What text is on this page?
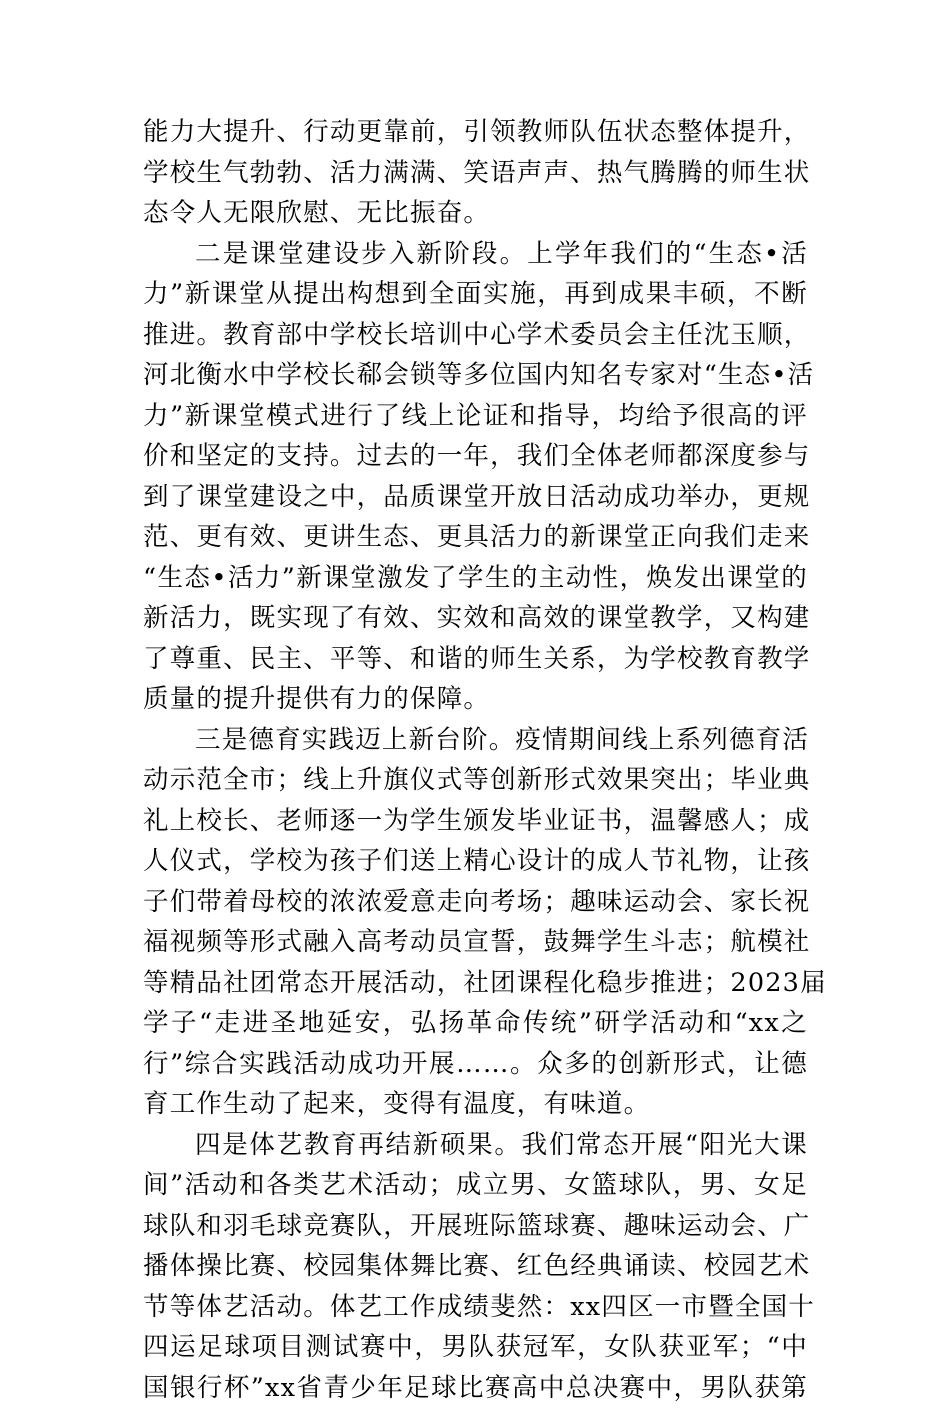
能力大提升、行动更靠前，引领教师队伍状态整体提升，
学校生气勃勃、活力满满、笑语声声、热气腾腾的师生状
态令人无限欣慰、无比振奋。
二是课堂建设步入新阶段。上学年我们的“生态•活
力”新课堂从提出构想到全面实施，再到成果丰硕，不断
推进。教育部中学校长培训中心学术委员会主任沈玉顺，
河北衡水中学校长郗会锁等多位国内知名专家对“生态•活
力”新课堂模式进行了线上论证和指导，均给予很高的评
价和坚定的支持。过去的一年，我们全体老师都深度参与
到了课堂建设之中，品质课堂开放日活动成功举办，更规
范、更有效、更讲生态、更具活力的新课堂正向我们走来
“生态•活力”新课堂激发了学生的主动性，焕发出课堂的
新活力，既实现了有效、实效和高效的课堂教学，又构建
了尊重、民主、平等、和谐的师生关系，为学校教育教学
质量的提升提供有力的保障。
三是德育实践迈上新台阶。疫情期间线上系列德育活
动示范全市；线上升旗仪式等创新形式效果突出；毕业典
礼上校长、老师逐一为学生颁发毕业证书，温馨感人；成
人仪式，学校为孩子们送上精心设计的成人节礼物，让孩
子们带着母校的浓浓爱意走向考场；趣味运动会、家长祝
福视频等形式融入高考动员宣誓，鼓舞学生斗志；航模社
等精品社团常态开展活动，社团课程化稳步推进；2023届
学子“走进圣地延安，弘扬革命传统”研学活动和“xx之
行”综合实践活动成功开展……。众多的创新形式，让德
育工作生动了起来，变得有温度，有味道。
四是体艺教育再结新硕果。我们常态开展“阳光大课
间”活动和各类艺术活动；成立男、女篮球队，男、女足
球队和羽毛球竞赛队，开展班际篮球赛、趣味运动会、广
播体操比赛、校园集体舞比赛、红色经典诵读、校园艺术
节等体艺活动。体艺工作成绩斐然：xx四区一市暨全国十
四运足球项目测试赛中，男队获冠军，女队获亚军；“中
国银行杯”xx省青少年足球比赛高中总决赛中，男队获第
